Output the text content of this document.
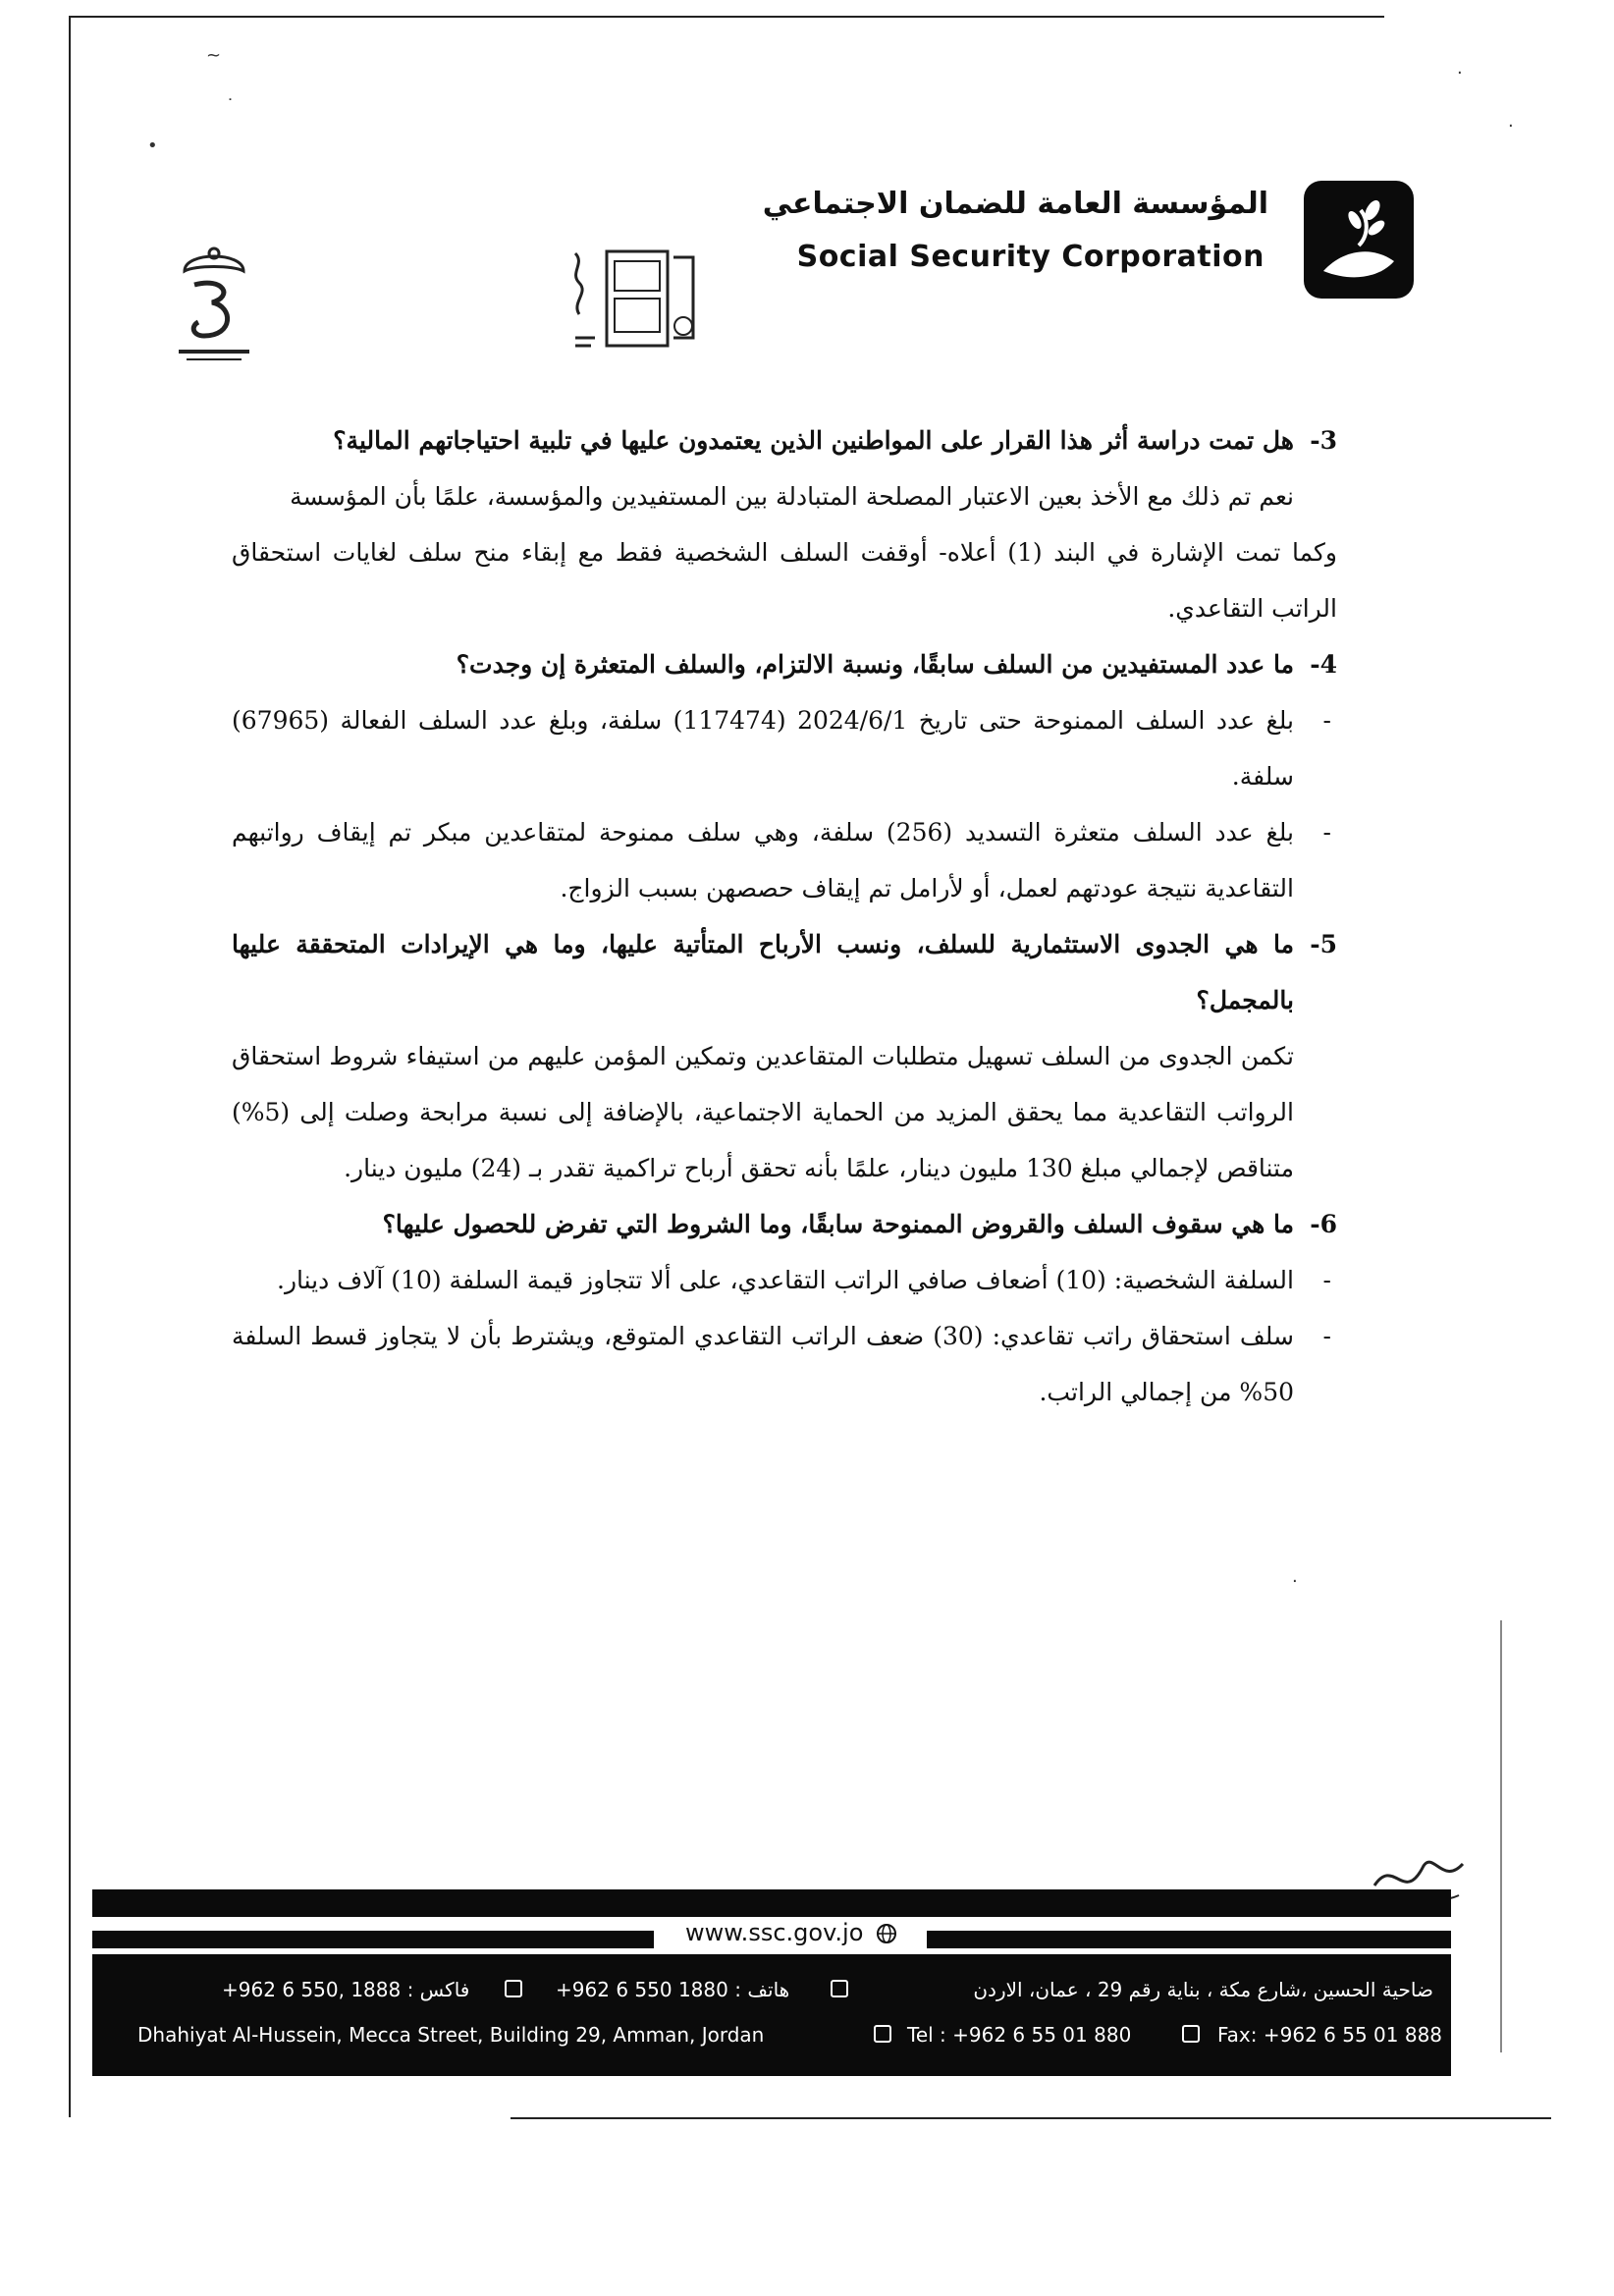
~
•
˙
·
·
·
المؤسسة العامة للضمان الاجتماعي
Social Security Corporation
3-
هل تمت دراسة أثر هذا القرار على المواطنين الذين يعتمدون عليها في تلبية احتياجاتهم المالية؟

نعم تم ذلك مع الأخذ بعين الاعتبار المصلحة المتبادلة بين المستفيدين والمؤسسة، علمًا بأن المؤسسة

وكما تمت الإشارة في البند (1) أعلاه- أوقفت السلف الشخصية فقط مع إبقاء منح سلف لغايات استحقاق الراتب التقاعدي.

4-
ما عدد المستفيدين من السلف سابقًا، ونسبة الالتزام، والسلف المتعثرة إن وجدت؟
-
بلغ عدد السلف الممنوحة حتى تاريخ 2024/6/1 (117474) سلفة، وبلغ عدد السلف الفعالة (67965) سلفة.
-
بلغ عدد السلف متعثرة التسديد (256) سلفة، وهي سلف ممنوحة لمتقاعدين مبكر تم إيقاف رواتبهم التقاعدية نتيجة عودتهم لعمل، أو لأرامل تم إيقاف حصصهن بسبب الزواج.
5-
ما هي الجدوى الاستثمارية للسلف، ونسب الأرباح المتأتية عليها، وما هي الإيرادات المتحققة عليها بالمجمل؟

تكمن الجدوى من السلف تسهيل متطلبات المتقاعدين وتمكين المؤمن عليهم من استيفاء شروط استحقاق الرواتب التقاعدية مما يحقق المزيد من الحماية الاجتماعية، بالإضافة إلى نسبة مرابحة وصلت إلى (5%) متناقص لإجمالي مبلغ 130 مليون دينار، علمًا بأنه تحقق أرباح تراكمية تقدر بـ (24) مليون دينار.

6-
ما هي سقوف السلف والقروض الممنوحة سابقًا، وما الشروط التي تفرض للحصول عليها؟
-
السلفة الشخصية: (10) أضعاف صافي الراتب التقاعدي، على ألا تتجاوز قيمة السلفة (10) آلاف دينار.
-
سلف استحقاق راتب تقاعدي: (30) ضعف الراتب التقاعدي المتوقع، ويشترط بأن لا يتجاوز قسط السلفة 50% من إجمالي الراتب.
www.ssc.gov.jo
ضاحية الحسين ،شارع مكة ، بناية رقم 29 ، عمان، الاردن
هاتف : 1880 550 6 962+
فاكس : 1888 ,550 6 962+
Dhahiyat Al-Hussein, Mecca Street, Building 29, Amman, Jordan	Tel : +962 6 55 01 880	Fax: +962 6 55 01 888
